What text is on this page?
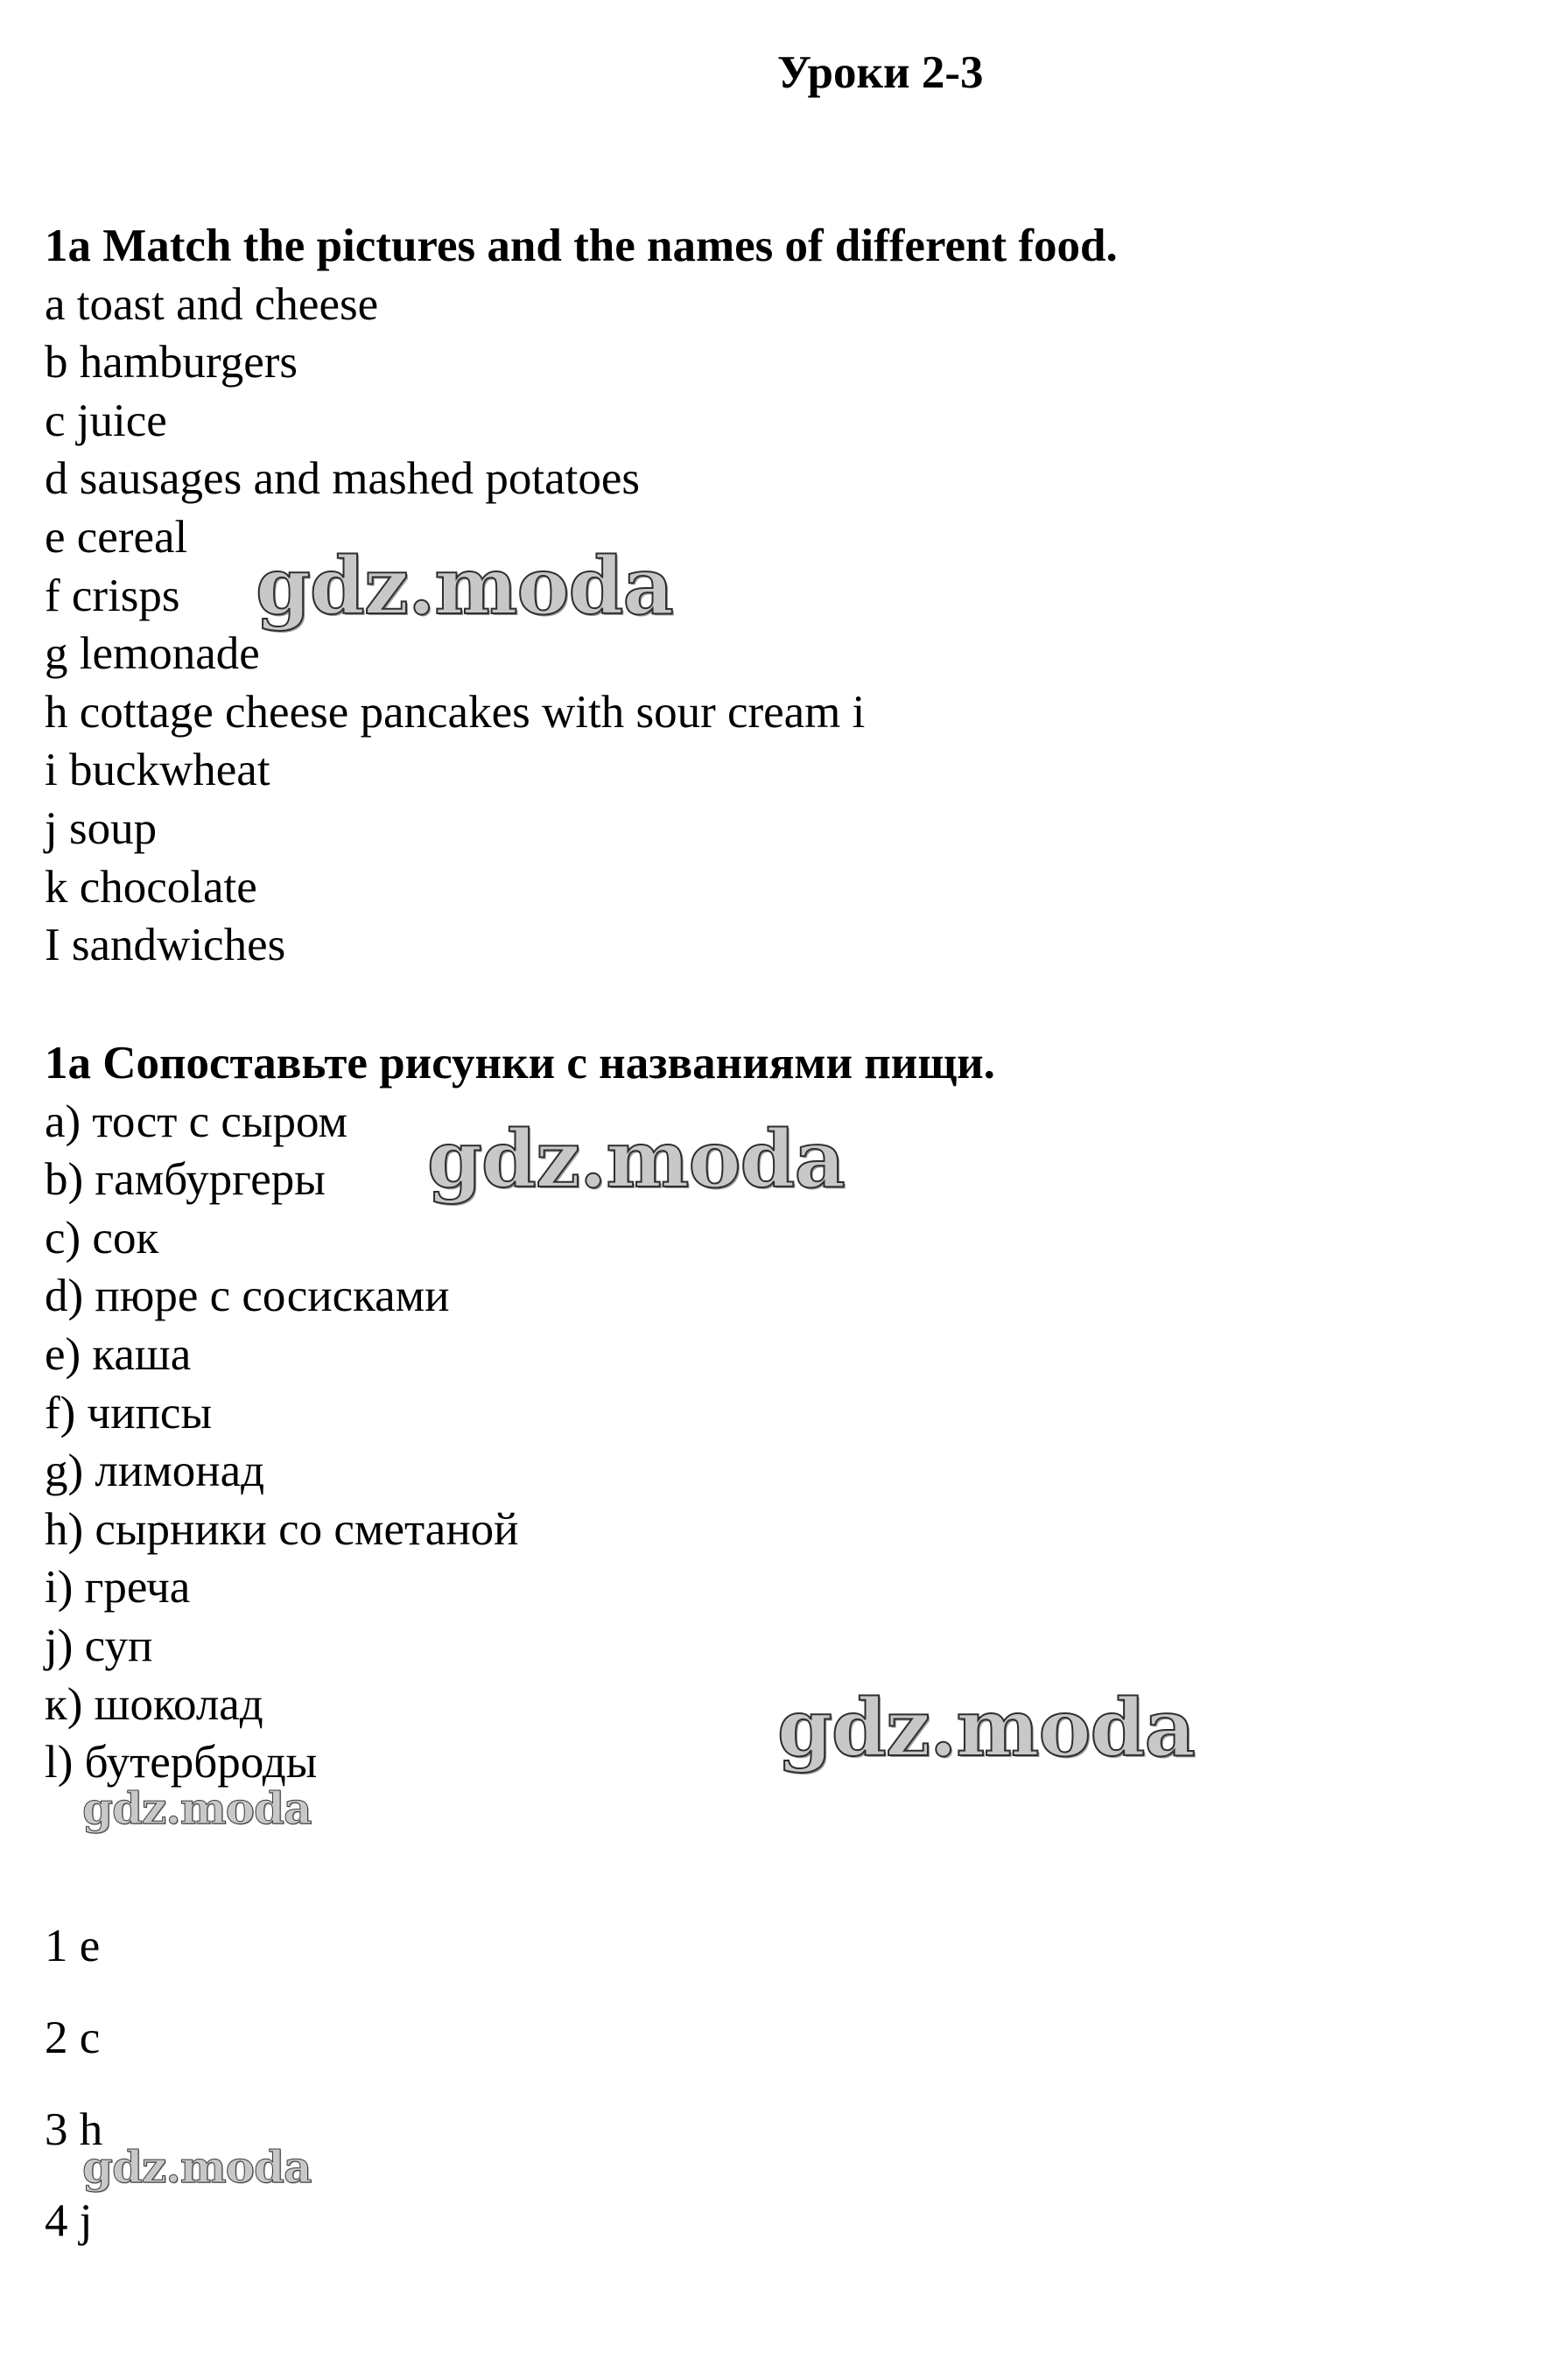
Уроки 2-3
1a Match the pictures and the names of different food.
a toast and cheese
b hamburgers
c juice
d sausages and mashed potatoes
e cereal
f crisps
g lemonade
h cottage cheese pancakes with sour cream i
i buckwheat
j soup
k chocolate
I sandwiches
1a Сопоставьте рисунки с названиями пищи.
a) тост с сыром
b) гамбургеры
c) сок
d) пюре с сосисками
e) каша
f) чипсы
g) лимонад
h) сырники со сметаной
i) греча
j) суп
к) шоколад
l) бутерброды
1 e
2 c
3 h
4 j
gdz.moda
gdz.moda
gdz.moda
gdz.moda
gdz.moda
